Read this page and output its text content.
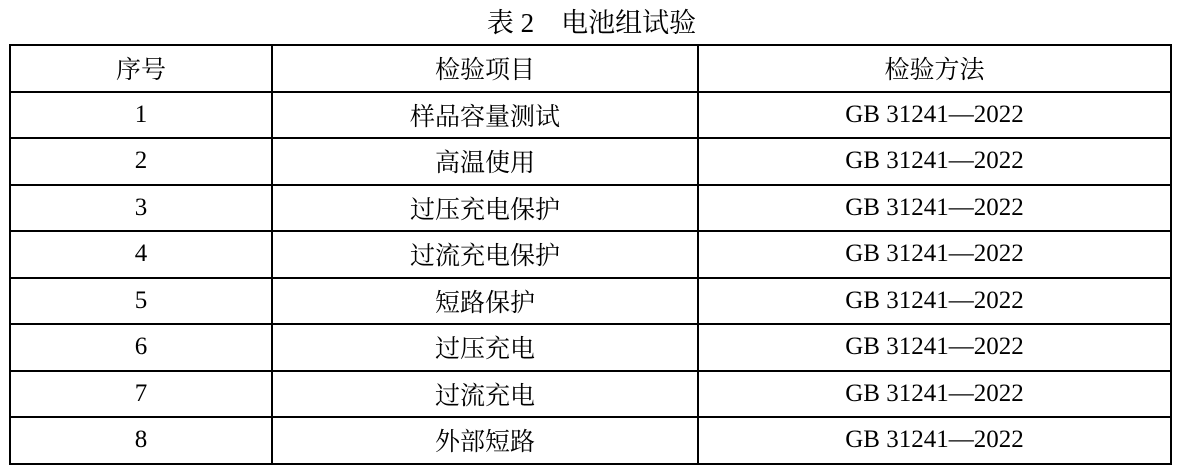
表 2　电池组试验
序号	检验项目	检验方法
1	样品容量测试	GB 31241—2022
2	高温使用	GB 31241—2022
3	过压充电保护	GB 31241—2022
4	过流充电保护	GB 31241—2022
5	短路保护	GB 31241—2022
6	过压充电	GB 31241—2022
7	过流充电	GB 31241—2022
8	外部短路	GB 31241—2022
